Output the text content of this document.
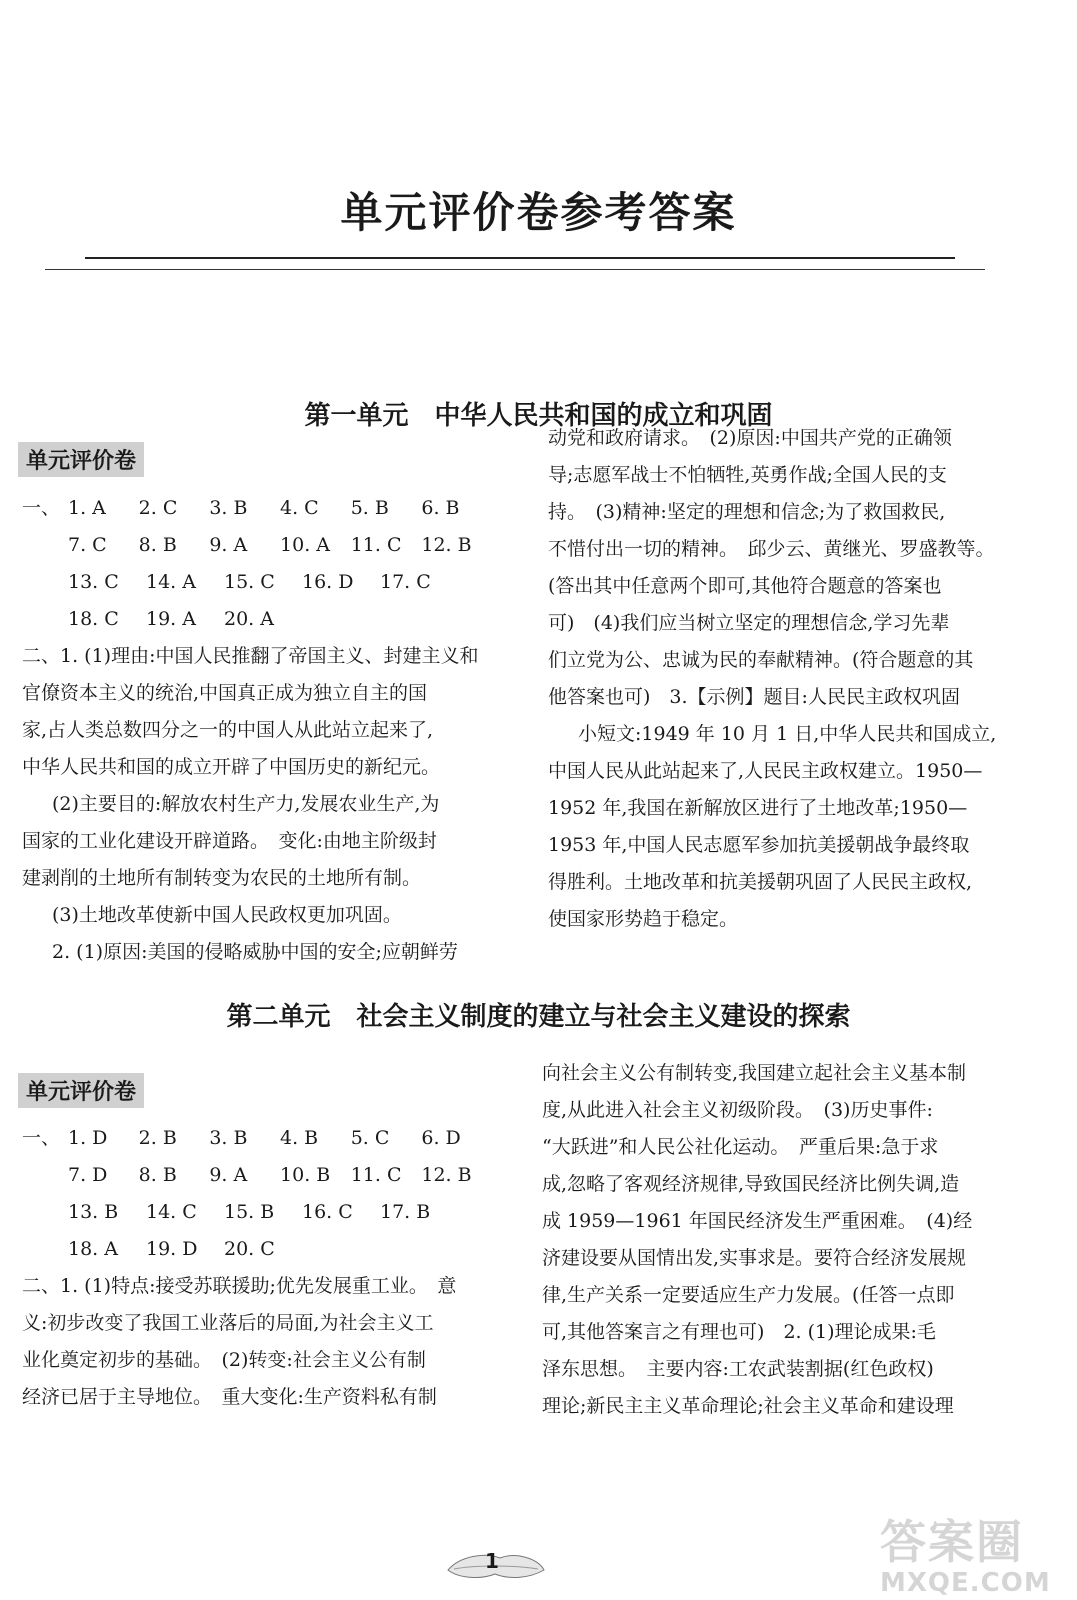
单元评价卷参考答案
第一单元　中华人民共和国的成立和巩固
单元评价卷
一、 1. A	2. C	3. B	4. C	5. B	6. B
7. C	8. B	9. A	10. A	11. C	12. B
13. C	14. A	15. C	16. D	17. C
18. C	19. A	20. A
二、1. (1)理由:中国人民推翻了帝国主义、封建主义和
官僚资本主义的统治,中国真正成为独立自主的国
家,占人类总数四分之一的中国人从此站立起来了,
中华人民共和国的成立开辟了中国历史的新纪元。
(2)主要目的:解放农村生产力,发展农业生产,为
国家的工业化建设开辟道路。　变化:由地主阶级封
建剥削的土地所有制转变为农民的土地所有制。
(3)土地改革使新中国人民政权更加巩固。
2. (1)原因:美国的侵略威胁中国的安全;应朝鲜劳
动党和政府请求。　(2)原因:中国共产党的正确领
导;志愿军战士不怕牺牲,英勇作战;全国人民的支
持。　(3)精神:坚定的理想和信念;为了救国救民,
不惜付出一切的精神。　邱少云、黄继光、罗盛教等。
(答出其中任意两个即可,其他符合题意的答案也
可)　(4)我们应当树立坚定的理想信念,学习先辈
们立党为公、忠诚为民的奉献精神。(符合题意的其
他答案也可)　3.【示例】题目:人民民主政权巩固
小短文:1949 年 10 月 1 日,中华人民共和国成立,
中国人民从此站起来了,人民民主政权建立。1950—
1952 年,我国在新解放区进行了土地改革;1950—
1953 年,中国人民志愿军参加抗美援朝战争最终取
得胜利。土地改革和抗美援朝巩固了人民民主政权,
使国家形势趋于稳定。
第二单元　社会主义制度的建立与社会主义建设的探索
单元评价卷
一、 1. D	2. B	3. B	4. B	5. C	6. D
7. D	8. B	9. A	10. B	11. C	12. B
13. B	14. C	15. B	16. C	17. B
18. A	19. D	20. C
二、1. (1)特点:接受苏联援助;优先发展重工业。　意
义:初步改变了我国工业落后的局面,为社会主义工
业化奠定初步的基础。　(2)转变:社会主义公有制
经济已居于主导地位。　重大变化:生产资料私有制
向社会主义公有制转变,我国建立起社会主义基本制
度,从此进入社会主义初级阶段。　(3)历史事件:
“大跃进”和人民公社化运动。　严重后果:急于求
成,忽略了客观经济规律,导致国民经济比例失调,造
成 1959—1961 年国民经济发生严重困难。　(4)经
济建设要从国情出发,实事求是。要符合经济发展规
律,生产关系一定要适应生产力发展。(任答一点即
可,其他答案言之有理也可)　2. (1)理论成果:毛
泽东思想。　主要内容:工农武装割据(红色政权)
理论;新民主主义革命理论;社会主义革命和建设理
1	答案圈
MXQE.COM
